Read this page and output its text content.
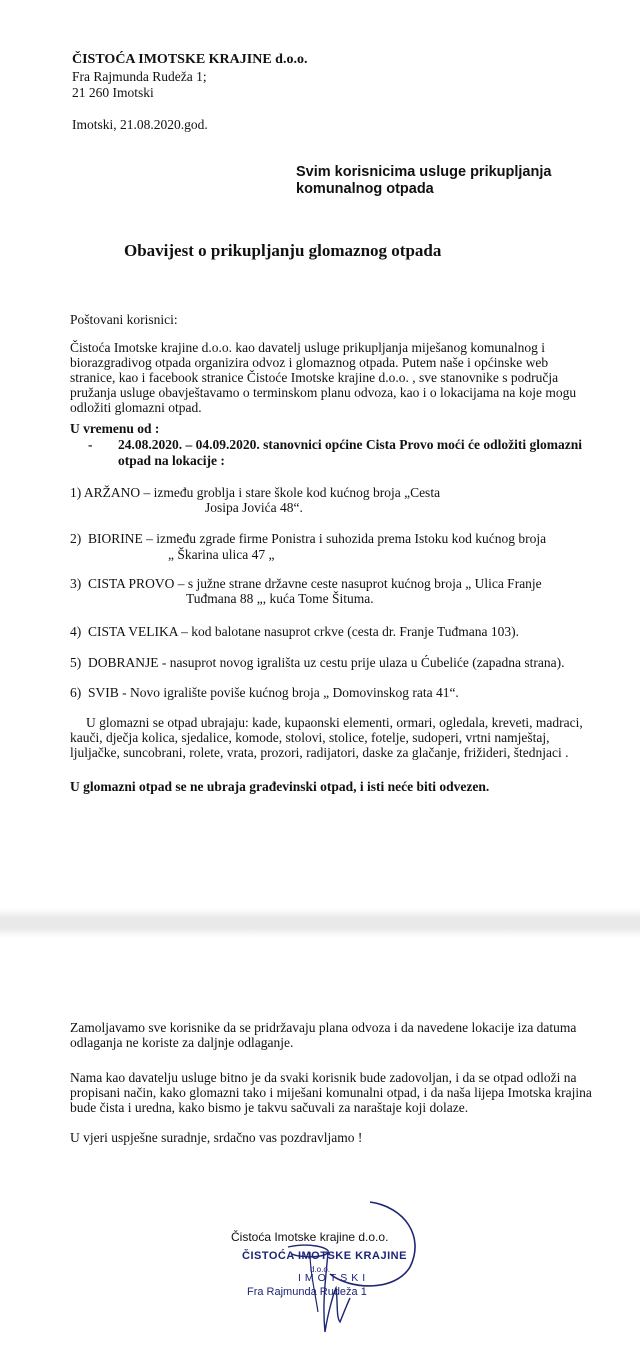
ČISTOĆA IMOTSKE KRAJINE d.o.o.
Fra Rajmunda Rudeža 1;
21 260 Imotski
Imotski, 21.08.2020.god.
Svim korisnicima usluge prikupljanja
komunalnog otpada
Obavijest o prikupljanju glomaznog otpada
Poštovani korisnici:
Čistoća Imotske krajine d.o.o. kao davatelj usluge prikupljanja miješanog komunalnog i biorazgradivog otpada organizira odvoz i glomaznog otpada. Putem naše i općinske web stranice, kao i facebook stranice Čistoće Imotske krajine d.o.o. , sve stanovnike s područja pružanja usluge obavještavamo o terminskom planu odvoza, kao i o lokacijama na koje mogu odložiti glomazni otpad.
U vremenu od :
- 24.08.2020. – 04.09.2020. stanovnici općine Cista Provo moći će odložiti glomazni
otpad na lokacije :
1) ARŽANO – između groblja i stare škole kod kućnog broja „Cesta
Josipa Jovića 48“.
2) BIORINE – između zgrade firme Ponistra i suhozida prema Istoku kod kućnog broja
„ Škarina ulica 47 „
3) CISTA PROVO – s južne strane državne ceste nasuprot kućnog broja „ Ulica Franje
Tuđmana 88 „, kuća Tome Šituma.
4) CISTA VELIKA – kod balotane nasuprot crkve (cesta dr. Franje Tuđmana 103).
5) DOBRANJE - nasuprot novog igrališta uz cestu prije ulaza u Ćubeliće (zapadna strana).
6) SVIB - Novo igralište poviše kućnog broja „ Domovinskog rata 41“.
U glomazni se otpad ubrajaju: kade, kupaonski elementi, ormari, ogledala, kreveti, madraci, kauči, dječja kolica, sjedalice, komode, stolovi, stolice, fotelje, sudoperi, vrtni namještaj, ljuljačke, suncobrani, rolete, vrata, prozori, radijatori, daske za glačanje, frižideri, štednjaci .
U glomazni otpad se ne ubraja građevinski otpad, i isti neće biti odvezen.
Zamoljavamo sve korisnike da se pridržavaju plana odvoza i da navedene lokacije iza datuma odlaganja ne koriste za daljnje odlaganje.
Nama kao davatelju usluge bitno je da svaki korisnik bude zadovoljan, i da se otpad odloži na propisani način, kako glomazni tako i miješani komunalni otpad, i da naša lijepa Imotska krajina bude čista i uredna, kako bismo je takvu sačuvali za naraštaje koji dolaze.
U vjeri uspješne suradnje, srdačno vas pozdravljamo !
Čistoća Imotske krajine d.o.o.
ČISTOĆA IMOTSKE KRAJINE
d.o.o.
IMOTSKI
Fra Rajmunda Rudeža 1
